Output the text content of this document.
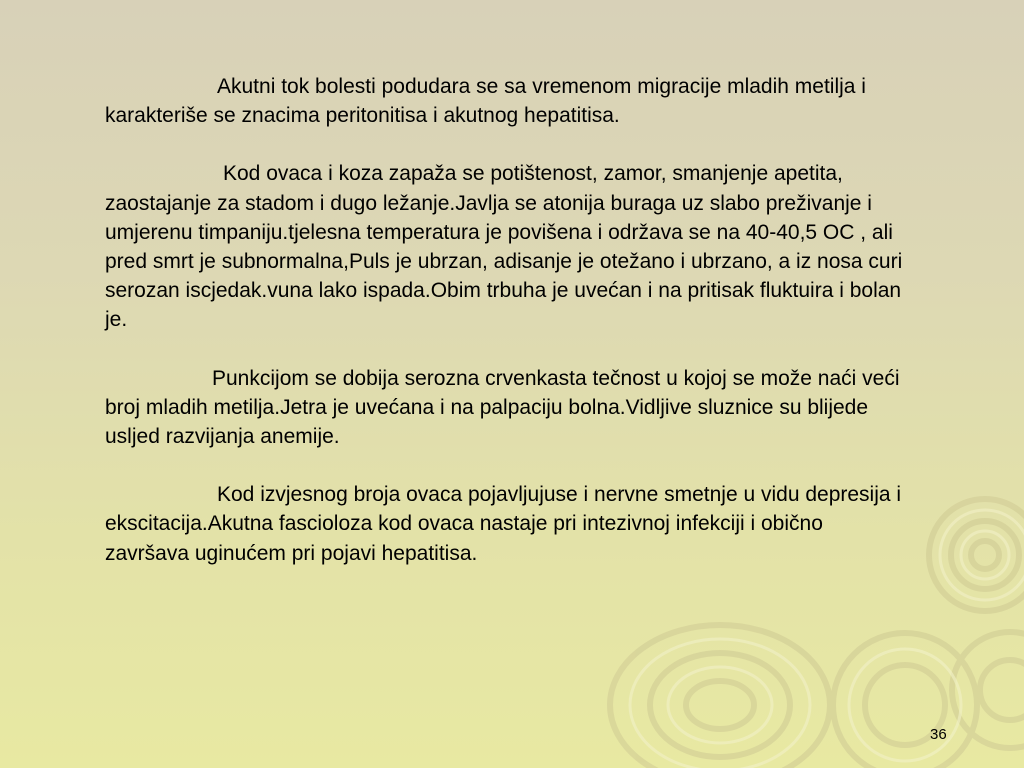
Akutni tok bolesti podudara se sa vremenom migracije mladih metilja i karakteriše se znacima peritonitisa i akutnog hepatitisa.

Kod ovaca i koza zapaža se potištenost, zamor, smanjenje apetita, zaostajanje za stadom i dugo ležanje.Javlja se atonija buraga uz slabo preživanje i umjerenu timpaniju.tjelesna temperatura je povišena i održava se na 40-40,5 OC , ali pred smrt je subnormalna,Puls je ubrzan, adisanje je otežano i ubrzano, a iz nosa curi serozan iscjedak.vuna lako ispada.Obim trbuha je uvećan i na pritisak fluktuira i bolan je.

Punkcijom se dobija serozna crvenkasta tečnost u kojoj se može naći veći broj mladih metilja.Jetra je uvećana i na palpaciju bolna.Vidljive sluznice su blijede usljed razvijanja anemije.

Kod izvjesnog broja ovaca pojavljujuse i nervne smetnje u vidu depresija i ekscitacija.Akutna fascioloza kod ovaca nastaje pri intezivnoj infekciji i obično završava uginućem pri pojavi hepatitisa.

36
